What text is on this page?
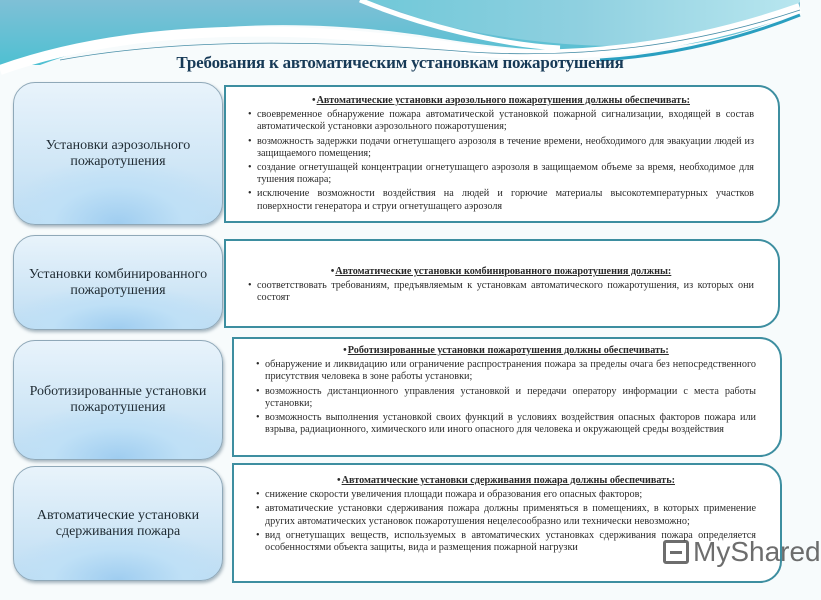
Требования к автоматическим установкам пожаротушения
Установки аэрозольного пожаротушения
• Автоматические установки аэрозольного пожаротушения должны обеспечивать:
• своевременное обнаружение пожара автоматической установкой пожарной сигнализации, входящей в состав автоматической установки аэрозольного пожаротушения;
• возможность задержки подачи огнетушащего аэрозоля в течение времени, необходимого для эвакуации людей из защищаемого помещения;
• создание огнетушащей концентрации огнетушащего аэрозоля в защищаемом объеме за время, необходимое для тушения пожара;
• исключение возможности воздействия на людей и горючие материалы высокотемпературных участков поверхности генератора и струи огнетушащего аэрозоля
Установки комбинированного пожаротушения
• Автоматические установки комбинированного пожаротушения должны:
• соответствовать требованиям, предъявляемым к установкам автоматического пожаротушения, из которых они состоят
Роботизированные установки пожаротушения
• Роботизированные установки пожаротушения должны обеспечивать:
• обнаружение и ликвидацию или ограничение распространения пожара за пределы очага без непосредственного присутствия человека в зоне работы установки;
• возможность дистанционного управления установкой и передачи оператору информации с места работы установки;
• возможность выполнения установкой своих функций в условиях воздействия опасных факторов пожара или взрыва, радиационного, химического или иного опасного для человека и окружающей среды воздействия
Автоматические установки сдерживания пожара
• Автоматические установки сдерживания пожара должны обеспечивать:
• снижение скорости увеличения площади пожара и образования его опасных факторов;
• автоматические установки сдерживания пожара должны применяться в помещениях, в которых применение других автоматических установок пожаротушения нецелесообразно или технически невозможно;
• вид огнетушащих веществ, используемых в автоматических установках сдерживания пожара определяется особенностями объекта защиты, вида и размещения пожарной нагрузки	MyShared
